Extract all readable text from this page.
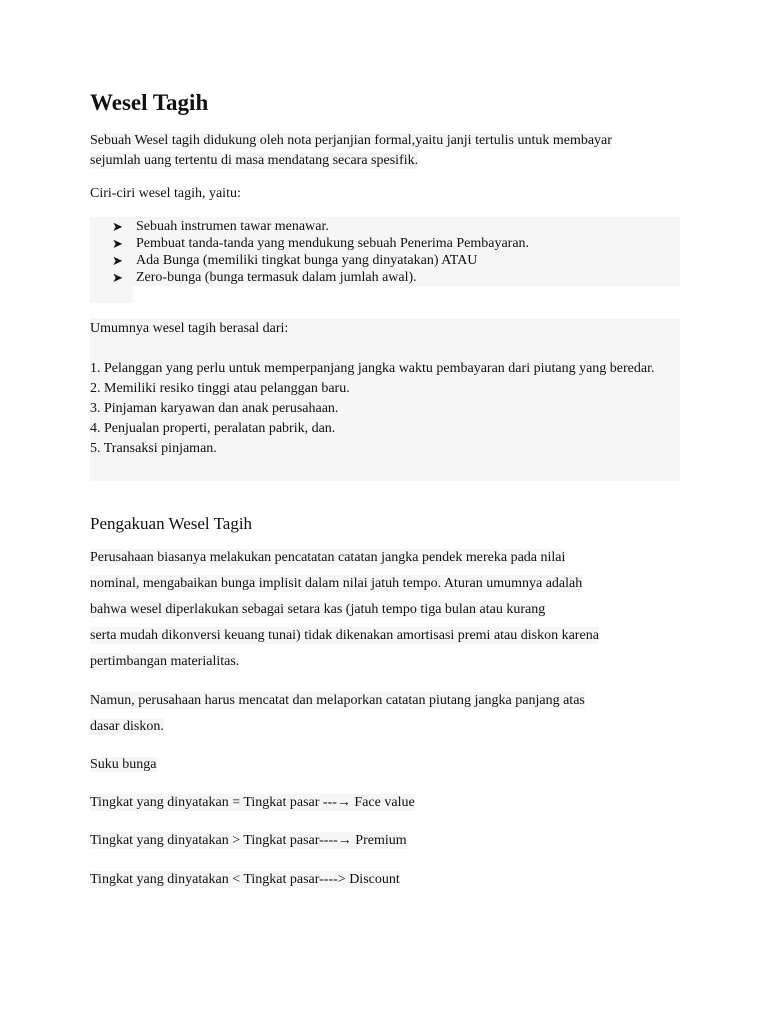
Wesel Tagih
Sebuah Wesel tagih didukung oleh nota perjanjian formal,yaitu janji tertulis untuk membayar
sejumlah uang tertentu di masa mendatang secara spesifik.
Ciri-ciri wesel tagih, yaitu:
➤ Sebuah instrumen tawar menawar.
➤ Pembuat tanda-tanda yang mendukung sebuah Penerima Pembayaran.
➤ Ada Bunga (memiliki tingkat bunga yang dinyatakan) ATAU
➤ Zero-bunga (bunga termasuk dalam jumlah awal).
Umumnya wesel tagih berasal dari:
1. Pelanggan yang perlu untuk memperpanjang jangka waktu pembayaran dari piutang yang beredar.
2. Memiliki resiko tinggi atau pelanggan baru.
3. Pinjaman karyawan dan anak perusahaan.
4. Penjualan properti, peralatan pabrik, dan.
5. Transaksi pinjaman.
Pengakuan Wesel Tagih
Perusahaan biasanya melakukan pencatatan catatan jangka pendek mereka pada nilai
nominal, mengabaikan bunga implisit dalam nilai jatuh tempo. Aturan umumnya adalah
bahwa wesel diperlakukan sebagai setara kas (jatuh tempo tiga bulan atau kurang
serta mudah dikonversi keuang tunai) tidak dikenakan amortisasi premi atau diskon karena
pertimbangan materialitas.
Namun, perusahaan harus mencatat dan melaporkan catatan piutang jangka panjang atas
dasar diskon.
Suku bunga
Tingkat yang dinyatakan = Tingkat pasar ---→ Face value
Tingkat yang dinyatakan > Tingkat pasar----→ Premium
Tingkat yang dinyatakan < Tingkat pasar----> Discount
